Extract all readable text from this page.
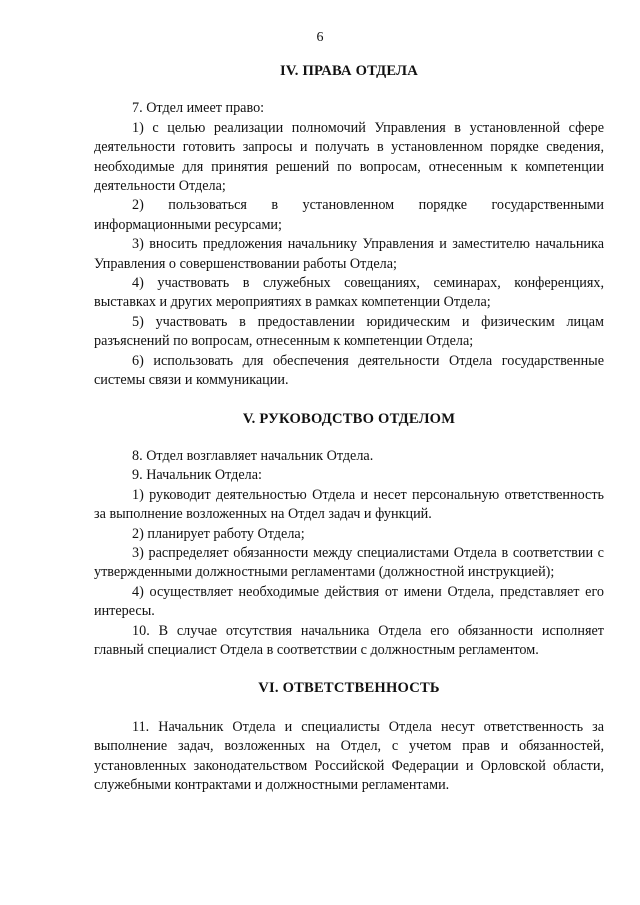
6
IV. ПРАВА ОТДЕЛА

7. Отдел имеет право:

1) с целью реализации полномочий Управления в установленной сфере деятельности готовить запросы и получать в установленном порядке сведения, необходимые для принятия решений по вопросам, отнесенным к компетенции деятельности Отдела;

2) пользоваться в установленном порядке государственными информационными ресурсами;

3) вносить предложения начальнику Управления и заместителю начальника Управления о совершенствовании работы Отдела;

4) участвовать в служебных совещаниях, семинарах, конференциях, выставках и других мероприятиях в рамках компетенции Отдела;

5) участвовать в предоставлении юридическим и физическим лицам разъяснений по вопросам, отнесенным к компетенции Отдела;

6) использовать для обеспечения деятельности Отдела государственные системы связи и коммуникации.

V. РУКОВОДСТВО ОТДЕЛОМ

8. Отдел возглавляет начальник Отдела.

9. Начальник Отдела:

1) руководит деятельностью Отдела и несет персональную ответственность за выполнение возложенных на Отдел задач и функций.

2) планирует работу Отдела;

3) распределяет обязанности между специалистами Отдела в соответствии с утвержденными должностными регламентами (должностной инструкцией);

4) осуществляет необходимые действия от имени Отдела, представляет его интересы.

10. В случае отсутствия начальника Отдела его обязанности исполняет главный специалист Отдела в соответствии с должностным регламентом.

VI. ОТВЕТСТВЕННОСТЬ

11. Начальник Отдела и специалисты Отдела несут ответственность за выполнение задач, возложенных на Отдел, с учетом прав и обязанностей, установленных законодательством Российской Федерации и Орловской области, служебными контрактами и должностными регламентами.
